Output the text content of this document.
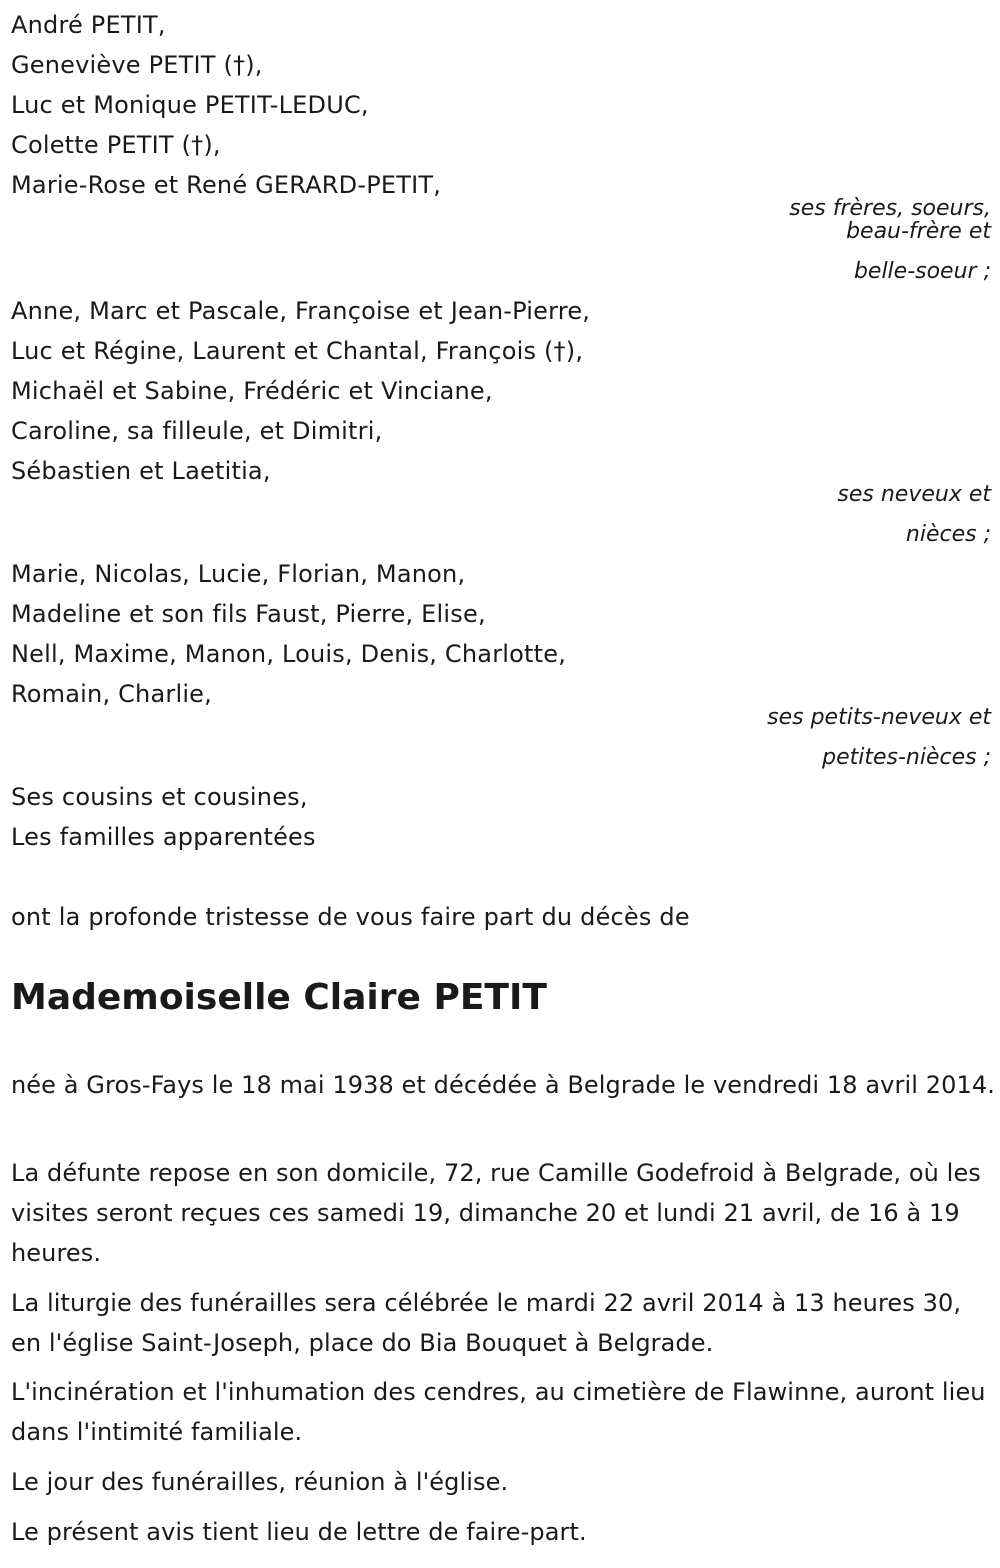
André PETIT,
Geneviève PETIT (†),
Luc et Monique PETIT-LEDUC,
Colette PETIT (†),
Marie-Rose et René GERARD-PETIT,
ses frères, soeurs,
beau-frère et
belle-soeur ;
Anne, Marc et Pascale, Françoise et Jean-Pierre,
Luc et Régine, Laurent et Chantal, François (†),
Michaël et Sabine, Frédéric et Vinciane,
Caroline, sa filleule, et Dimitri,
Sébastien et Laetitia,
ses neveux et
nièces ;
Marie, Nicolas, Lucie, Florian, Manon,
Madeline et son fils Faust, Pierre, Elise,
Nell, Maxime, Manon, Louis, Denis, Charlotte,
Romain, Charlie,
ses petits-neveux et
petites-nièces ;
Ses cousins et cousines,
Les familles apparentées
ont la profonde tristesse de vous faire part du décès de
Mademoiselle Claire PETIT
née à Gros-Fays le 18 mai 1938 et décédée à Belgrade le vendredi 18 avril 2014.
La défunte repose en son domicile, 72, rue Camille Godefroid à Belgrade, où les visites seront reçues ces samedi 19, dimanche 20 et lundi 21 avril, de 16 à 19 heures.
La liturgie des funérailles sera célébrée le mardi 22 avril 2014 à 13 heures 30, en l'église Saint-Joseph, place do Bia Bouquet à Belgrade.
L'incinération et l'inhumation des cendres, au cimetière de Flawinne, auront lieu dans l'intimité familiale.
Le jour des funérailles, réunion à l'église.
Le présent avis tient lieu de lettre de faire-part.
